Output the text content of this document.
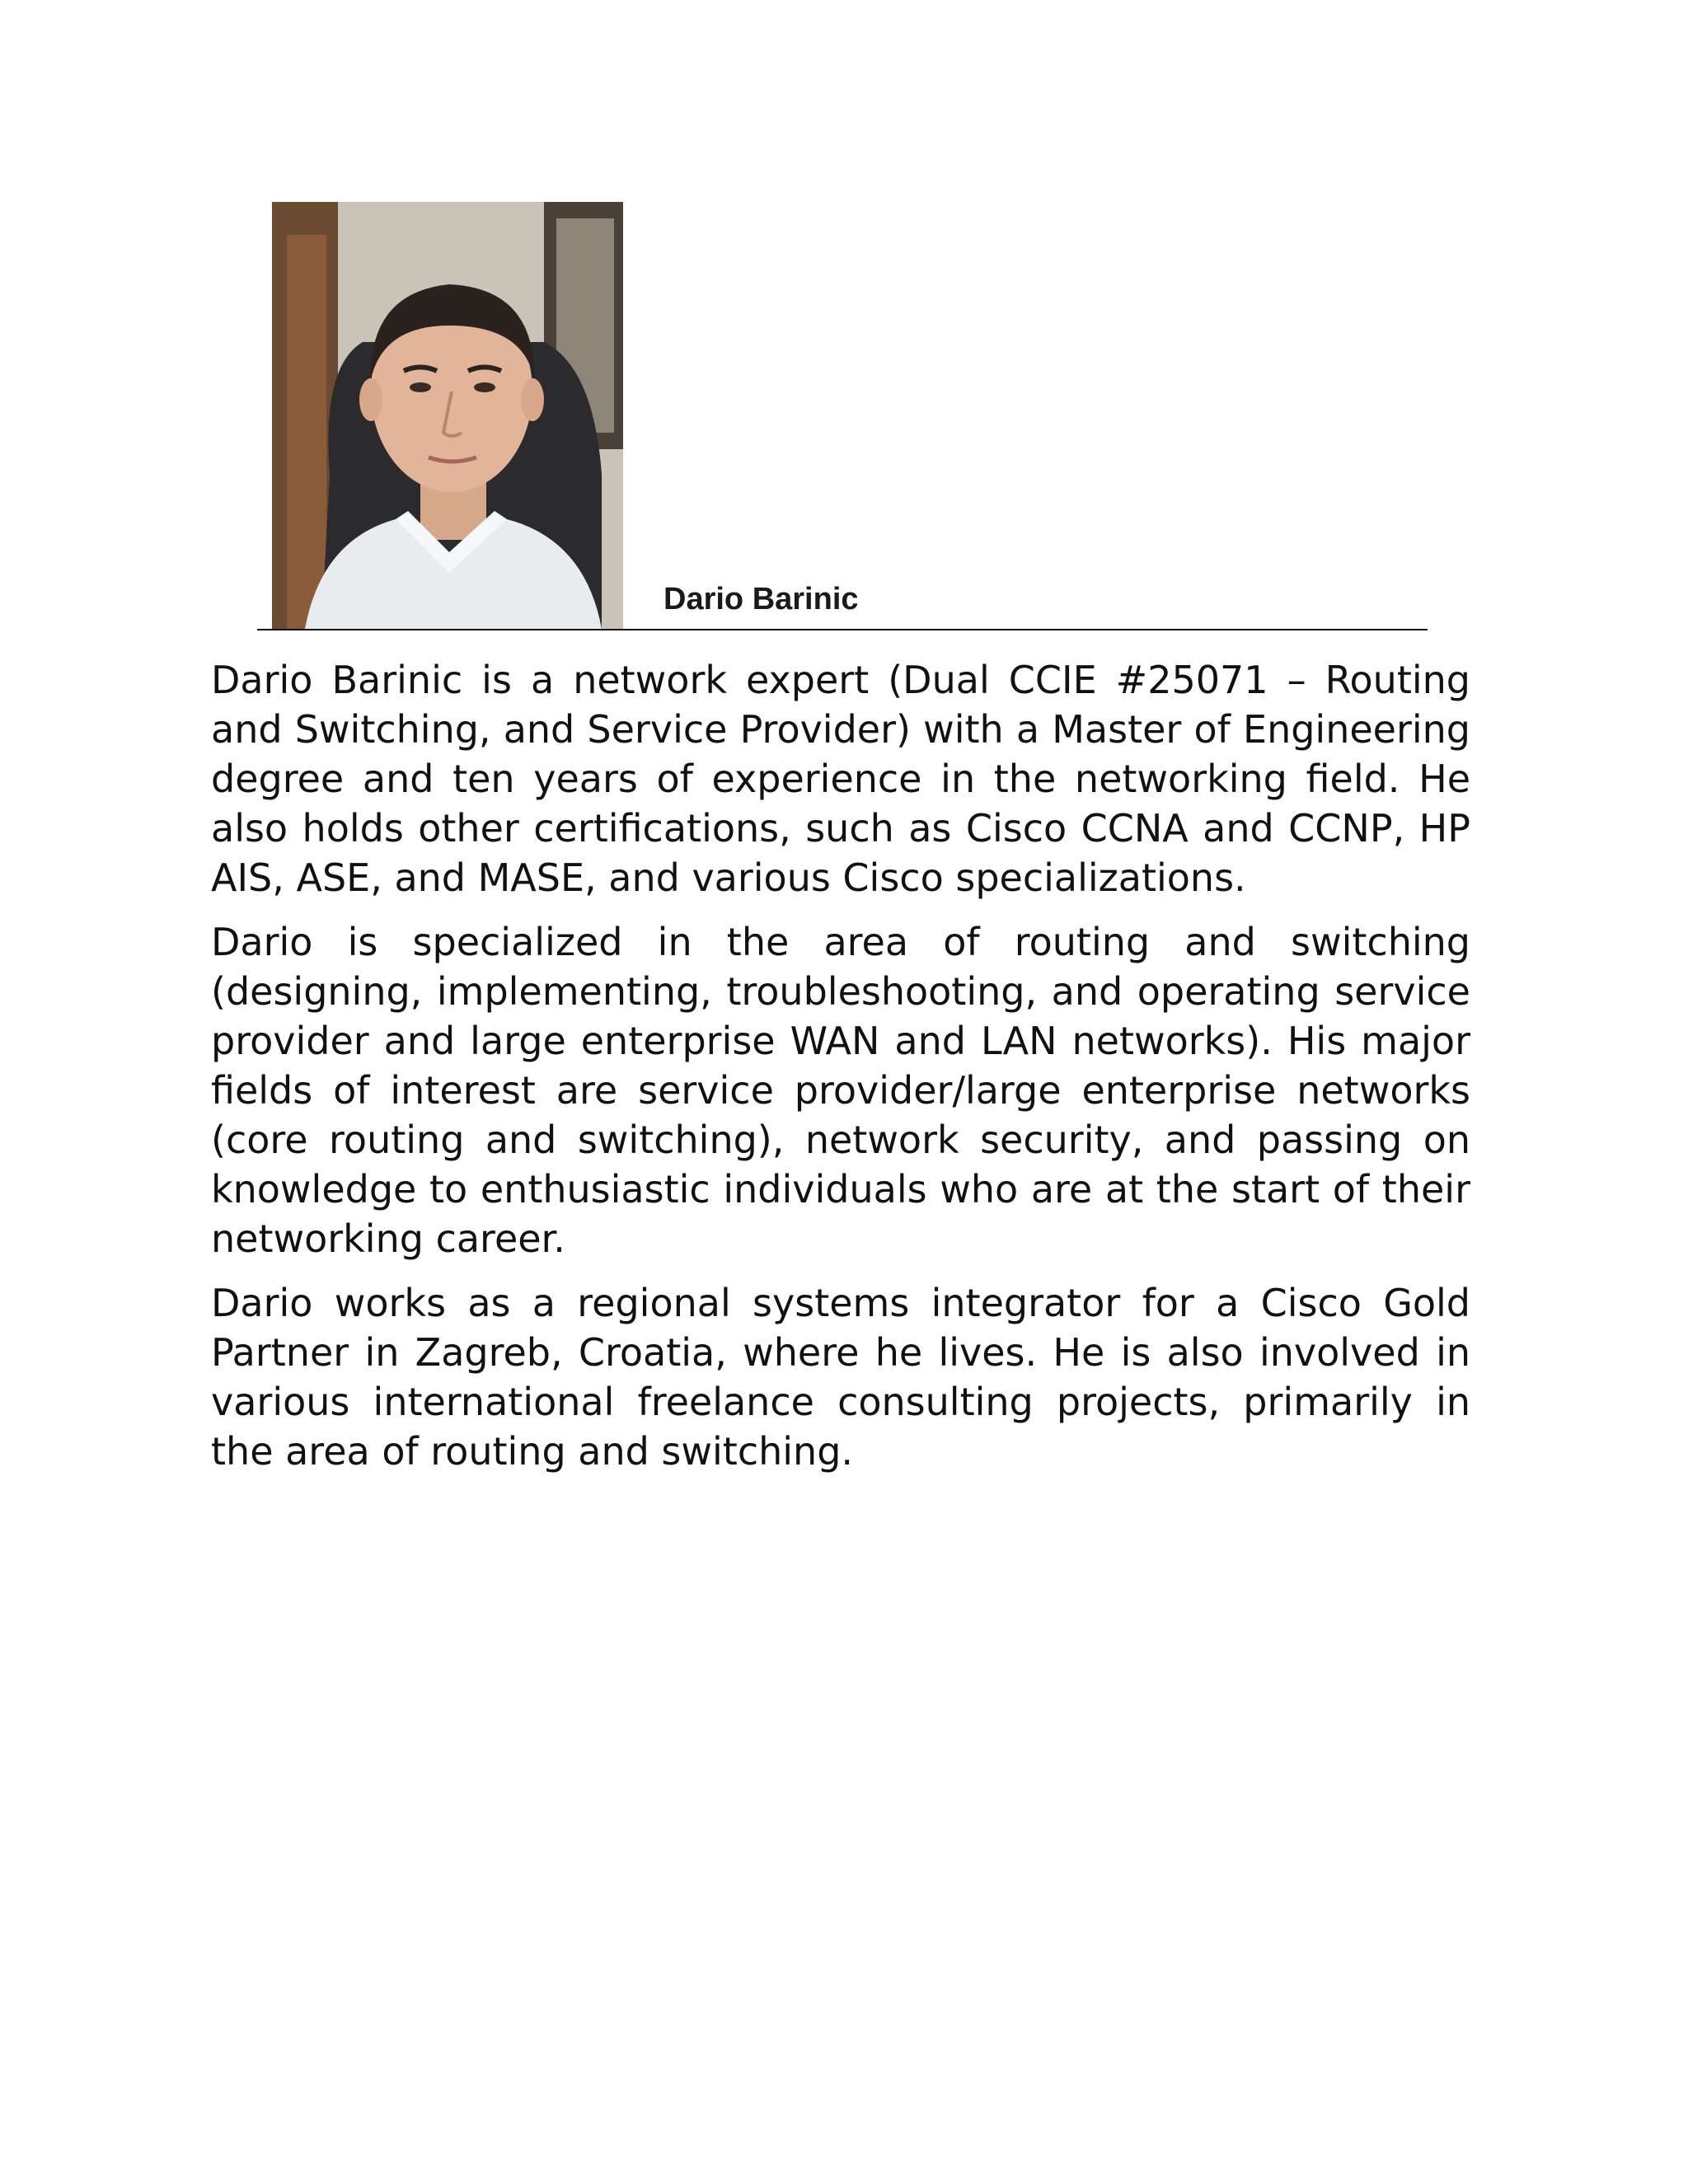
Dario Barinic

Dario Barinic is a network expert (Dual CCIE #25071 – Routing and Switching, and Service Provider) with a Master of Engineering degree and ten years of experience in the networking field. He also holds other certifications, such as Cisco CCNA and CCNP, HP AIS, ASE, and MASE, and various Cisco specializations.

Dario is specialized in the area of routing and switching (designing, implementing, troubleshooting, and operating service provider and large enterprise WAN and LAN networks). His major fields of interest are service provider/large enterprise networks (core routing and switching), network security, and passing on knowledge to enthusiastic individuals who are at the start of their networking career.

Dario works as a regional systems integrator for a Cisco Gold Partner in Zagreb, Croatia, where he lives. He is also involved in various international freelance consulting projects, primarily in the area of routing and switching.
